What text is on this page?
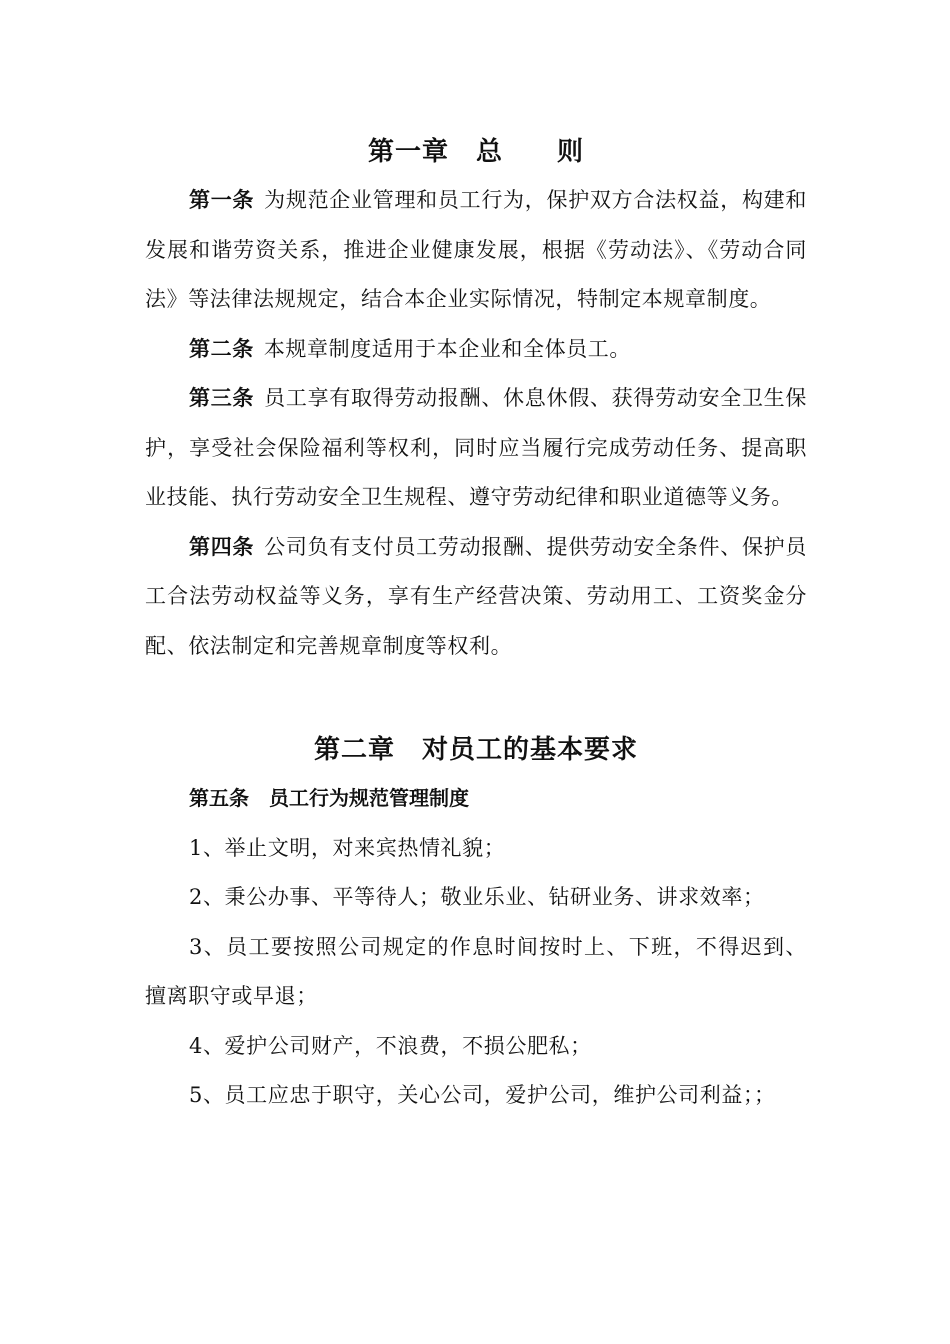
第一章　总　　则

第一条 为规范企业管理和员工行为，保护双方合法权益，构建和发展和谐劳资关系，推进企业健康发展，根据《劳动法》、《劳动合同法》等法律法规规定，结合本企业实际情况，特制定本规章制度。

第二条 本规章制度适用于本企业和全体员工。

第三条 员工享有取得劳动报酬、休息休假、获得劳动安全卫生保护，享受社会保险福利等权利，同时应当履行完成劳动任务、提高职业技能、执行劳动安全卫生规程、遵守劳动纪律和职业道德等义务。

第四条 公司负有支付员工劳动报酬、提供劳动安全条件、保护员工合法劳动权益等义务，享有生产经营决策、劳动用工、工资奖金分配、依法制定和完善规章制度等权利。

第二章　对员工的基本要求

第五条　 员工行为规范管理制度

1、举止文明，对来宾热情礼貌；

2、秉公办事、平等待人；敬业乐业、钻研业务、讲求效率；

3、员工要按照公司规定的作息时间按时上、下班，不得迟到、擅离职守或早退；

4、爱护公司财产，不浪费，不损公肥私；

5、员工应忠于职守，关心公司，爱护公司，维护公司利益；；
